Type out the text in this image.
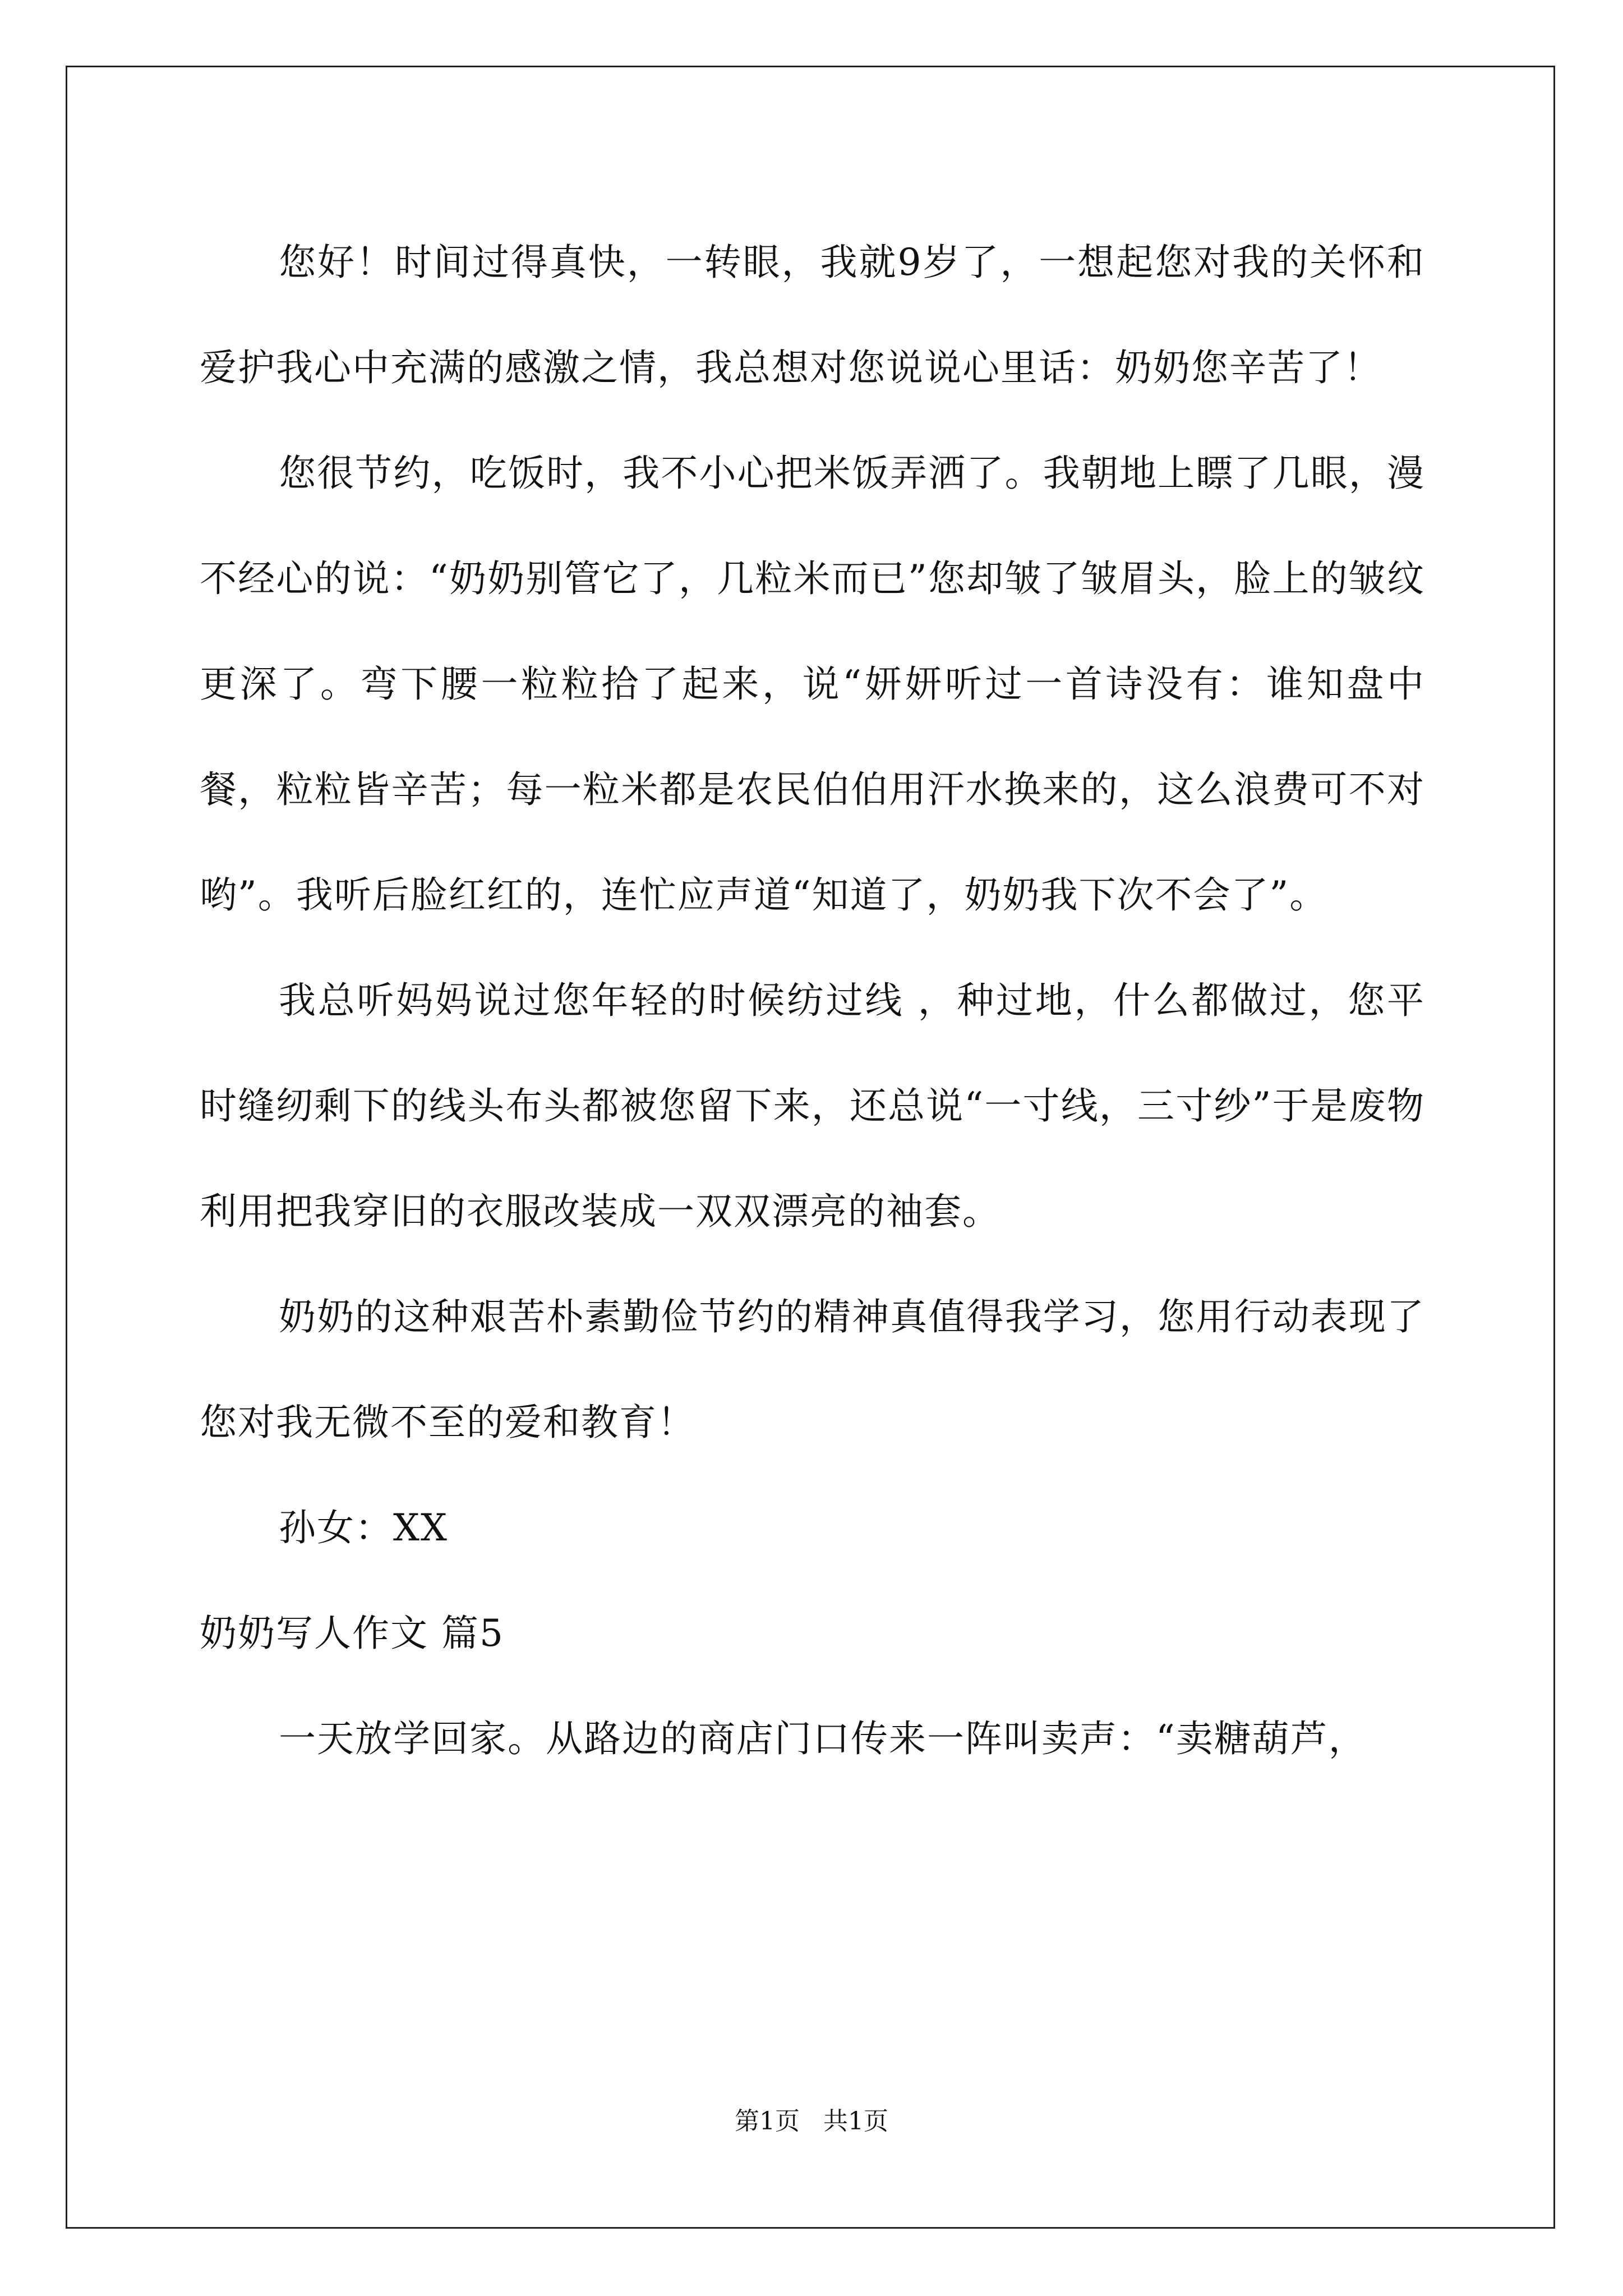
您好！时间过得真快，一转眼，我就9岁了，一想起您对我的关怀和爱护我心中充满的感激之情，我总想对您说说心里话：奶奶您辛苦了！

您很节约，吃饭时，我不小心把米饭弄洒了。我朝地上瞟了几眼，漫不经心的说：“奶奶别管它了，几粒米而已”您却皱了皱眉头，脸上的皱纹更深了。弯下腰一粒粒拾了起来，说“妍妍听过一首诗没有：谁知盘中餐，粒粒皆辛苦；每一粒米都是农民伯伯用汗水换来的，这么浪费可不对哟”。我听后脸红红的，连忙应声道“知道了，奶奶我下次不会了”。

我总听妈妈说过您年轻的时候纺过线 ，种过地，什么都做过，您平时缝纫剩下的线头布头都被您留下来，还总说“一寸线，三寸纱”于是废物利用把我穿旧的衣服改装成一双双漂亮的袖套。

奶奶的这种艰苦朴素勤俭节约的精神真值得我学习，您用行动表现了您对我无微不至的爱和教育！

孙女：XX

奶奶写人作文 篇5

一天放学回家。从路边的商店门口传来一阵叫卖声：“卖糖葫芦，

第1页   共1页
